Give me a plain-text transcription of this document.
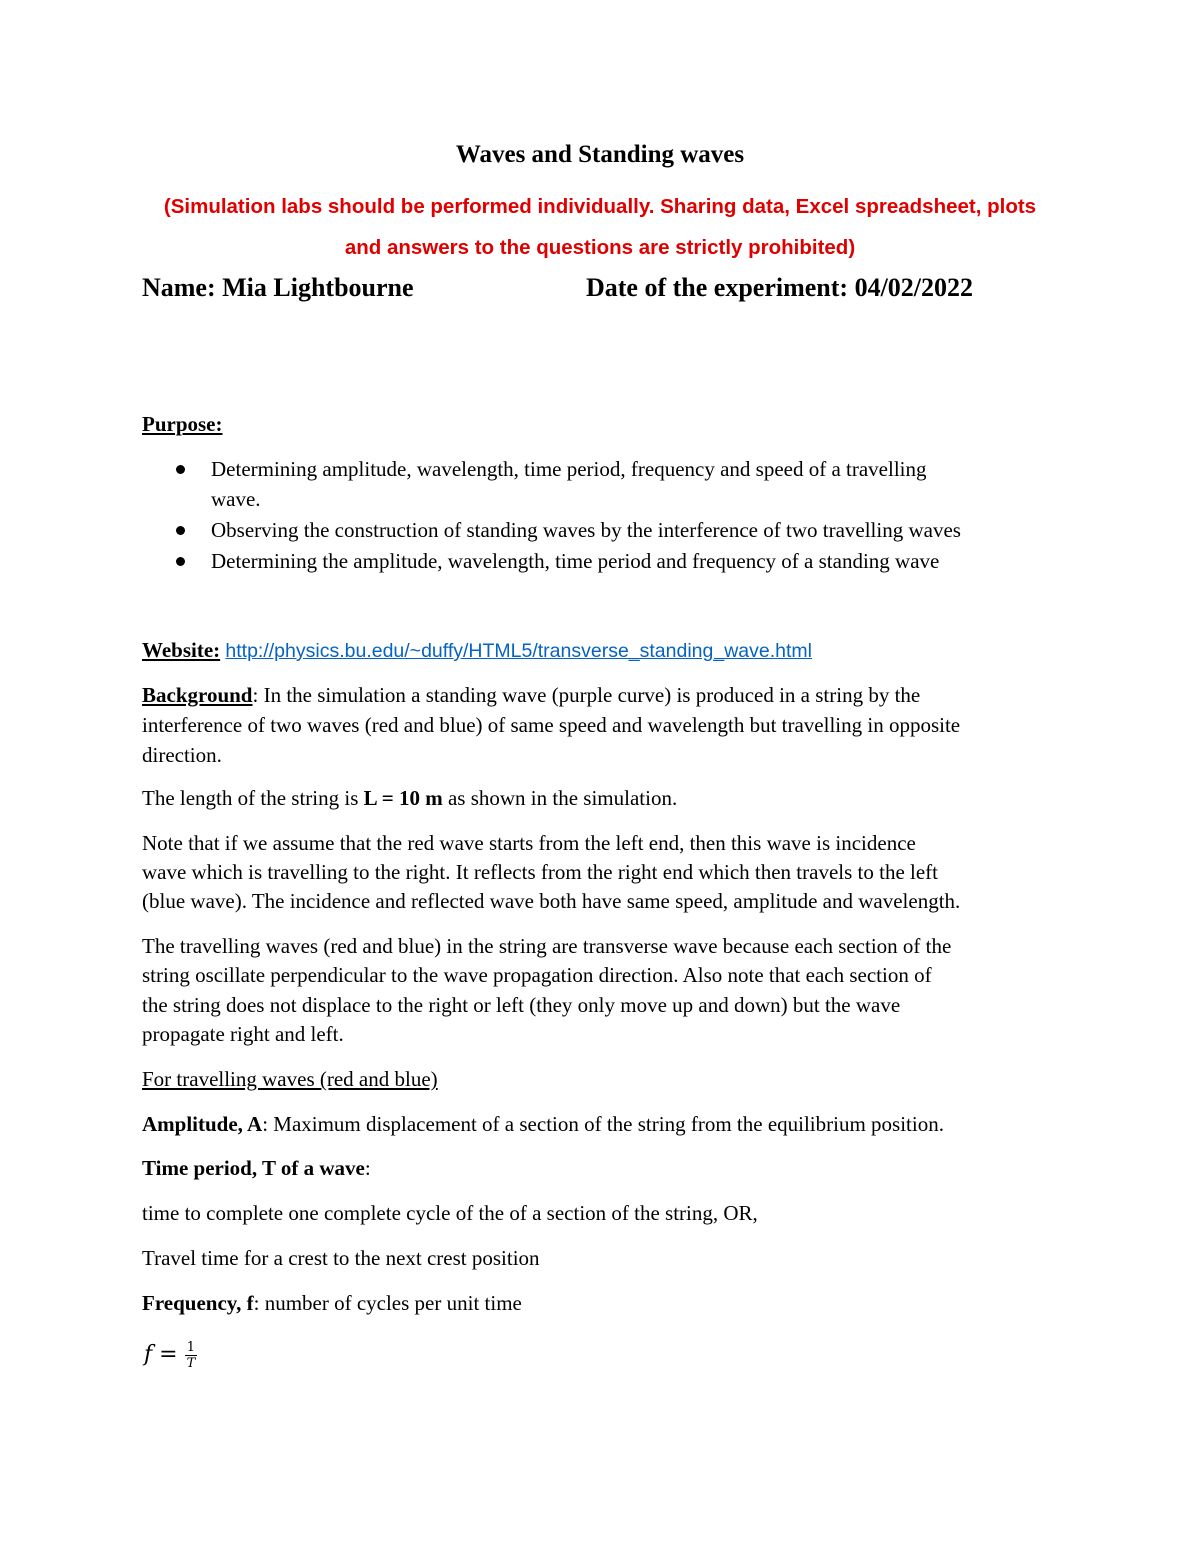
Waves and Standing waves
(Simulation labs should be performed individually. Sharing data, Excel spreadsheet, plots
and answers to the questions are strictly prohibited)
Name: Mia Lightbourne	Date of the experiment: 04/02/2022
Purpose:
Determining amplitude, wavelength, time period, frequency and speed of a travelling
wave.
Observing the construction of standing waves by the interference of two travelling waves
Determining the amplitude, wavelength, time period and frequency of a standing wave
Website: http://physics.bu.edu/~duffy/HTML5/transverse_standing_wave.html
Background: In the simulation a standing wave (purple curve) is produced in a string by the
interference of two waves (red and blue) of same speed and wavelength but travelling in opposite
direction.
The length of the string is L = 10 m as shown in the simulation.
Note that if we assume that the red wave starts from the left end, then this wave is incidence
wave which is travelling to the right. It reflects from the right end which then travels to the left
(blue wave). The incidence and reflected wave both have same speed, amplitude and wavelength.
The travelling waves (red and blue) in the string are transverse wave because each section of the
string oscillate perpendicular to the wave propagation direction. Also note that each section of
the string does not displace to the right or left (they only move up and down) but the wave
propagate right and left.
For travelling waves (red and blue)
Amplitude, A: Maximum displacement of a section of the string from the equilibrium position.
Time period, T of a wave:
time to complete one complete cycle of the of a section of the string, OR,
Travel time for a crest to the next crest position
Frequency, f: number of cycles per unit time
$f = \frac{1}{T}$
